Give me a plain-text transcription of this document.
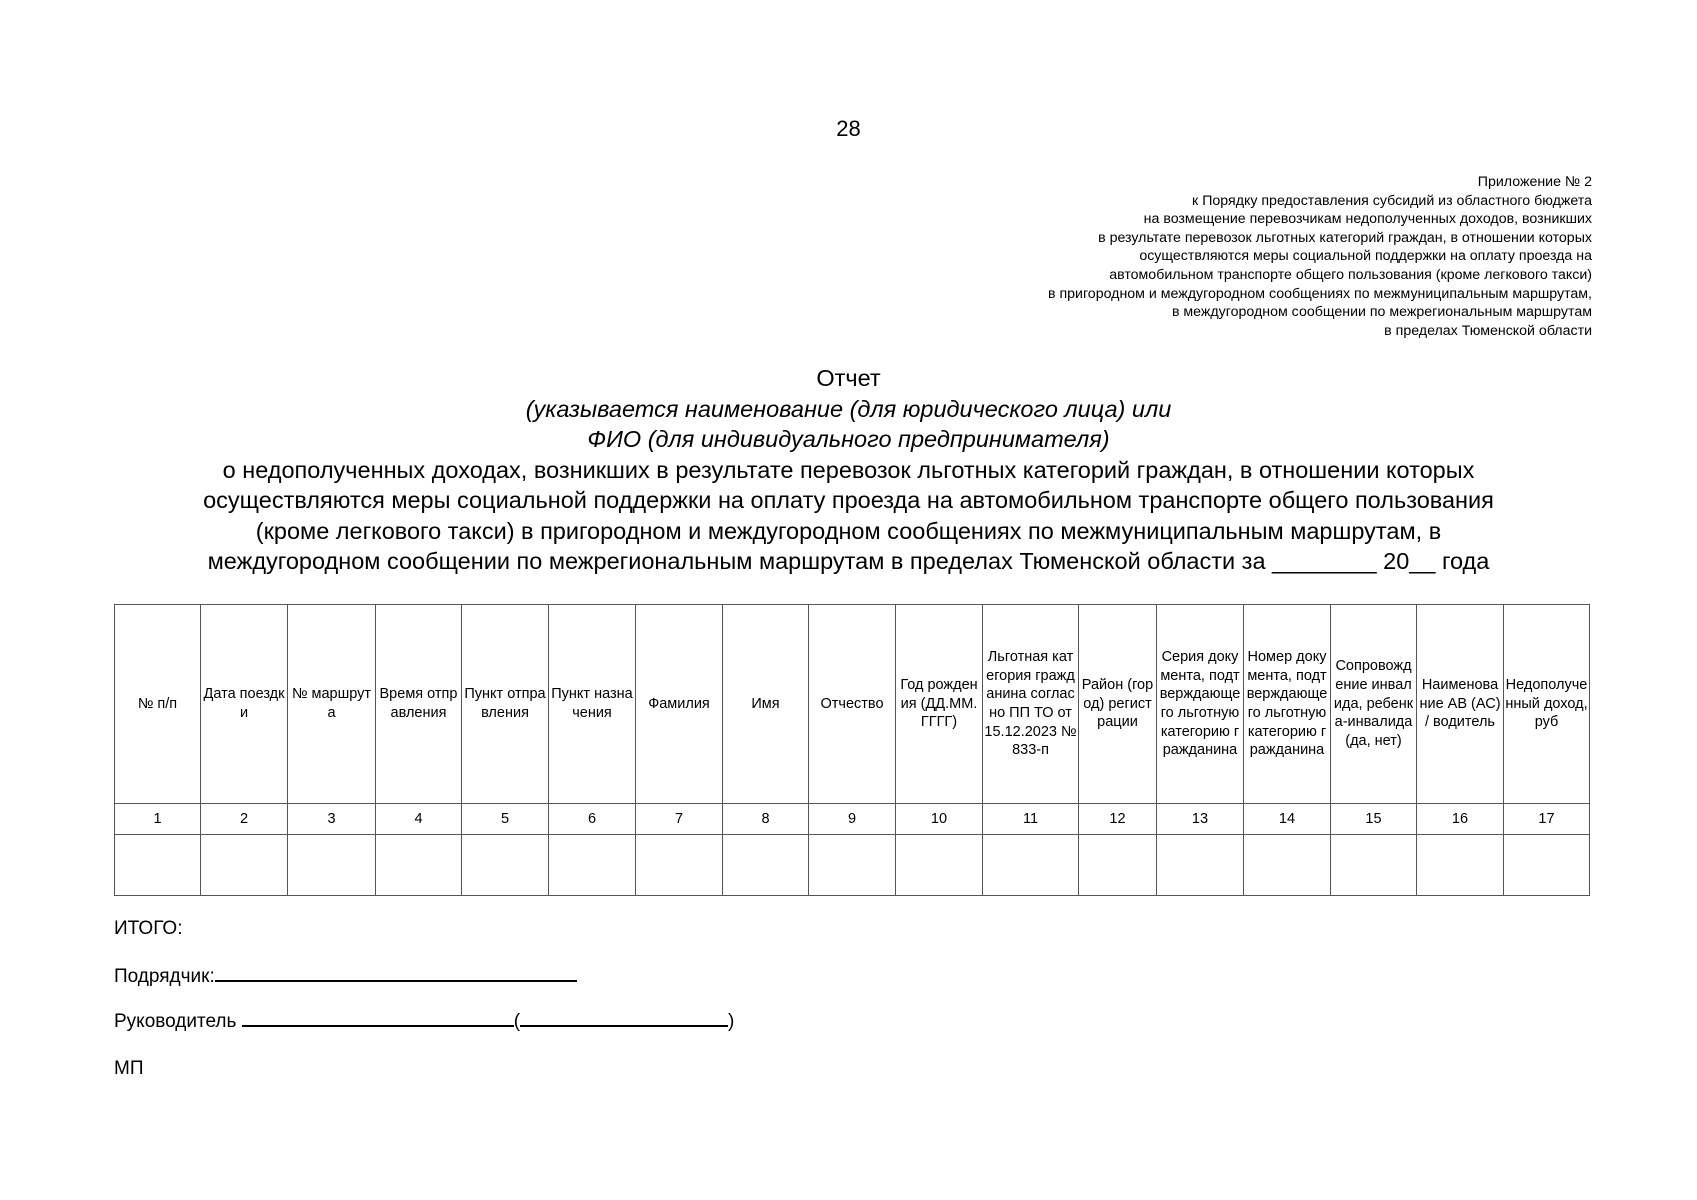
28
Приложение № 2
к Порядку предоставления субсидий из областного бюджета
на возмещение перевозчикам недополученных доходов, возникших
в результате перевозок льготных категорий граждан, в отношении которых
осуществляются меры социальной поддержки на оплату проезда на
автомобильном транспорте общего пользования (кроме легкового такси)
в пригородном и междугородном сообщениях по межмуниципальным маршрутам,
в междугородном сообщении по межрегиональным маршрутам
в пределах Тюменской области
Отчет
(указывается наименование (для юридического лица) или
ФИО (для индивидуального предпринимателя)
о недополученных доходах, возникших в результате перевозок льготных категорий граждан, в отношении которых
осуществляются меры социальной поддержки на оплату проезда на автомобильном транспорте общего пользования
(кроме легкового такси) в пригородном и междугородном сообщениях по межмуниципальным маршрутам, в
междугородном сообщении по межрегиональным маршрутам в пределах Тюменской области за ________ 20__ года
№ п/п	Дата поездки	№ маршрута	Время отправления	Пункт отправления	Пункт назначения	Фамилия	Имя	Отчество	Год рождения (ДД.ММ.ГГГГ)	Льготная категория гражданина согласно ПП ТО от 15.12.2023 № 833-п	Район (город) регистрации	Серия документа, подтверждающего льготную категорию гражданина	Номер документа, подтверждающего льготную категорию гражданина	Сопровождение инвалида, ребенка-инвалида (да, нет)	Наименование АВ (АС) / водитель	Недополученный доход, руб
1	2	3	4	5	6	7	8	9	10	11	12	13	14	15	16	17

ИТОГО:
Подрядчик:
Руководитель	(	)
МП
